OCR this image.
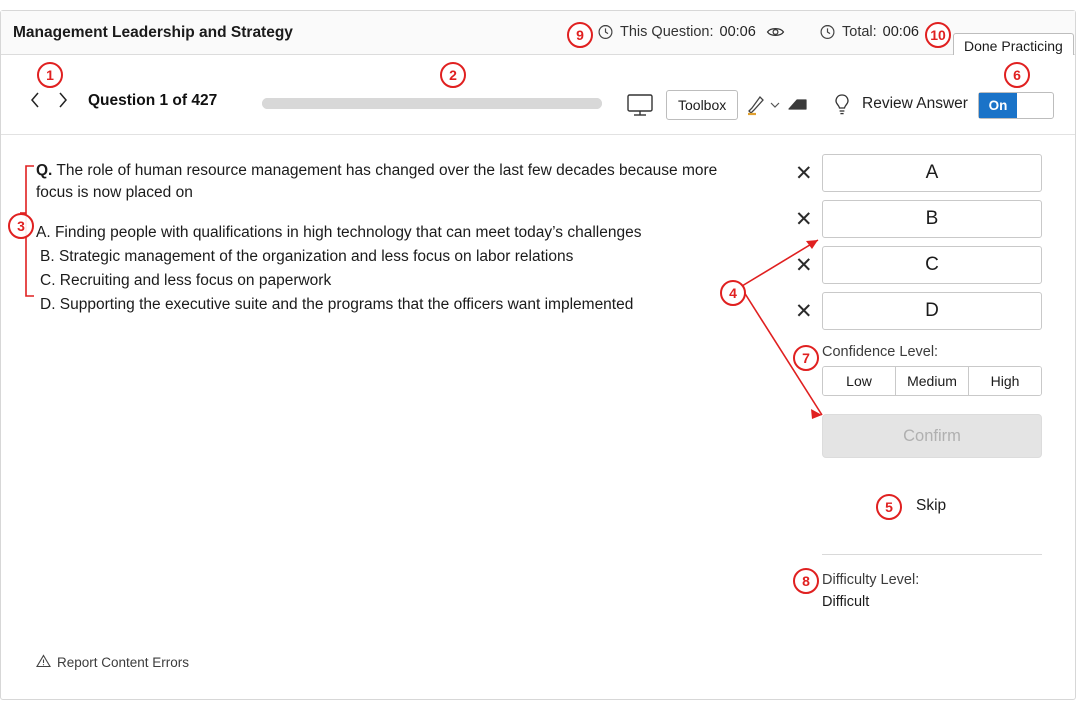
Management Leadership and Strategy	This Question: 00:06	Total: 00:06
Done Practicing
Question 1 of 427	Toolbox	Review Answer	On
Q. The role of human resource management has changed over the last few decades because more focus is now placed on
A. Finding people with qualifications in high technology that can meet today’s challenges
B. Strategic management of the organization and less focus on labor relations
C. Recruiting and less focus on paperwork
D. Supporting the executive suite and the programs that the officers want implemented
✕	A
✕	B
✕	C
✕	D
Confidence Level:
Low	Medium	High
Confirm
Skip
Difficulty Level:
Difficult
Report Content Errors
1	2
3
4
5
6
7
8
9	10
